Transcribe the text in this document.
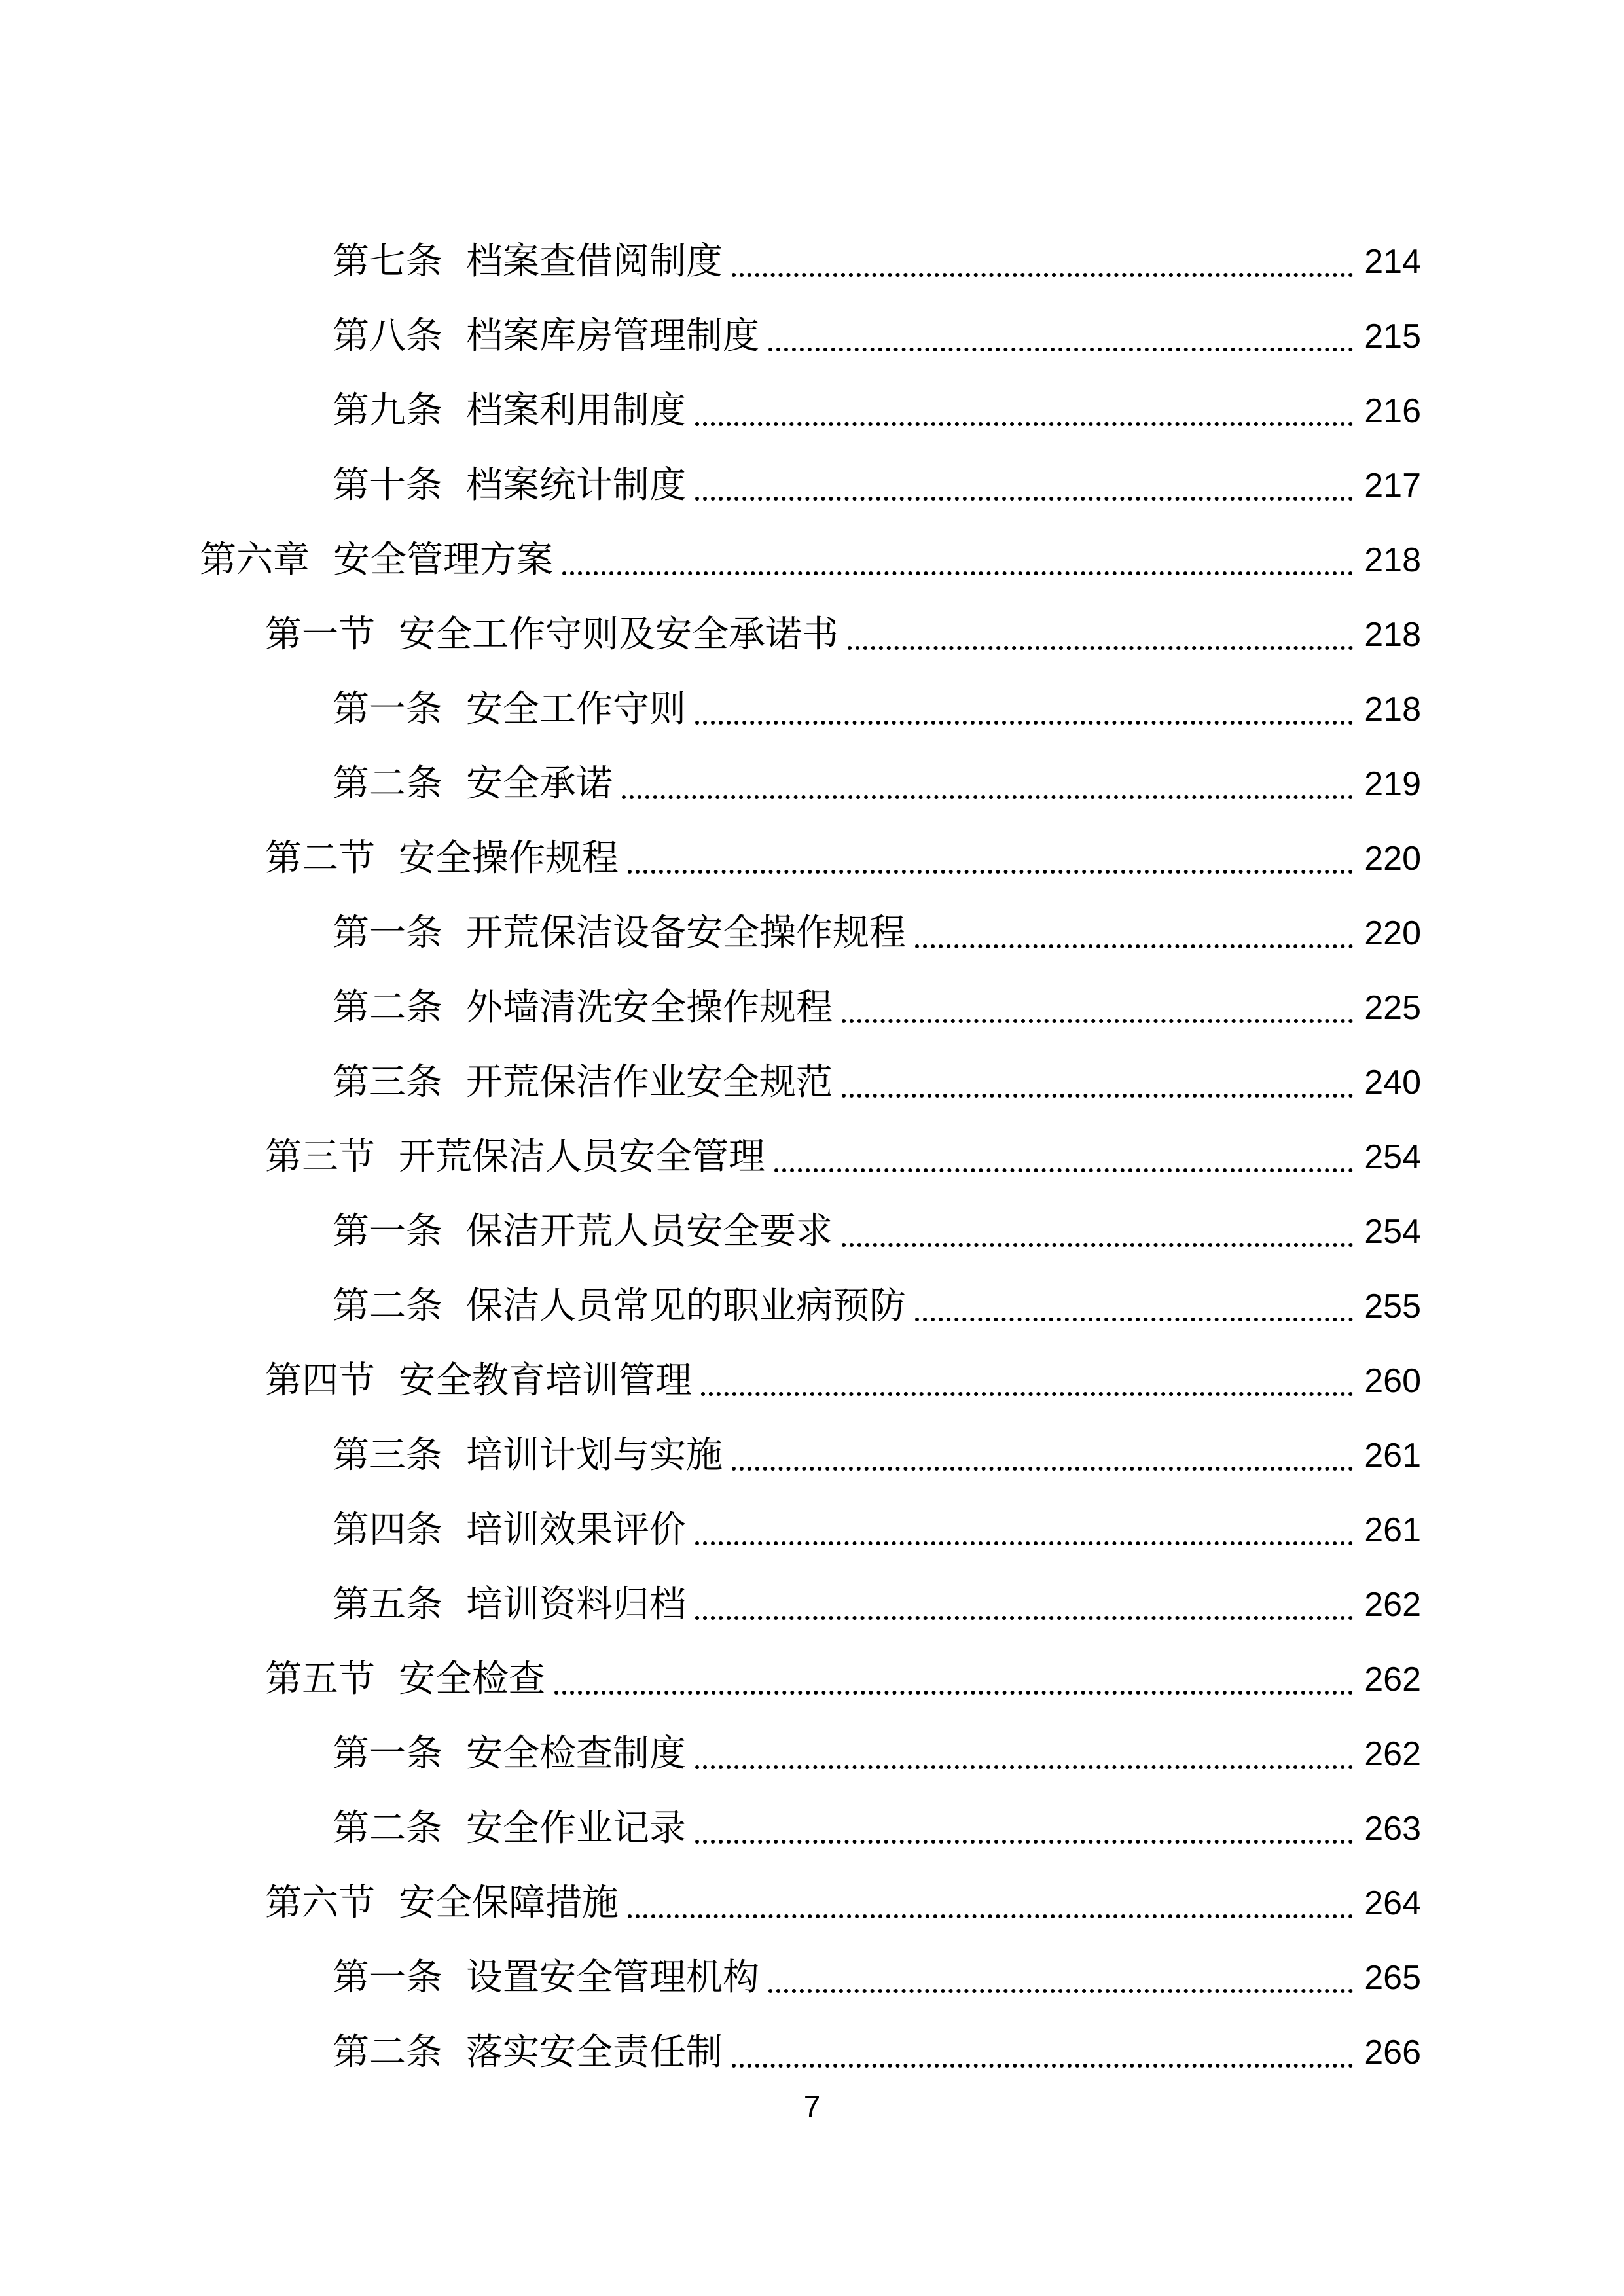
第七条 档案查借阅制度	214
第八条 档案库房管理制度	215
第九条 档案利用制度	216
第十条 档案统计制度	217
第六章 安全管理方案	218
第一节 安全工作守则及安全承诺书	218
第一条 安全工作守则	218
第二条 安全承诺	219
第二节 安全操作规程	220
第一条 开荒保洁设备安全操作规程	220
第二条 外墙清洗安全操作规程	225
第三条 开荒保洁作业安全规范	240
第三节 开荒保洁人员安全管理	254
第一条 保洁开荒人员安全要求	254
第二条 保洁人员常见的职业病预防	255
第四节 安全教育培训管理	260
第三条 培训计划与实施	261
第四条 培训效果评价	261
第五条 培训资料归档	262
第五节 安全检查	262
第一条 安全检查制度	262
第二条 安全作业记录	263
第六节 安全保障措施	264
第一条 设置安全管理机构	265
第二条 落实安全责任制	266
7
